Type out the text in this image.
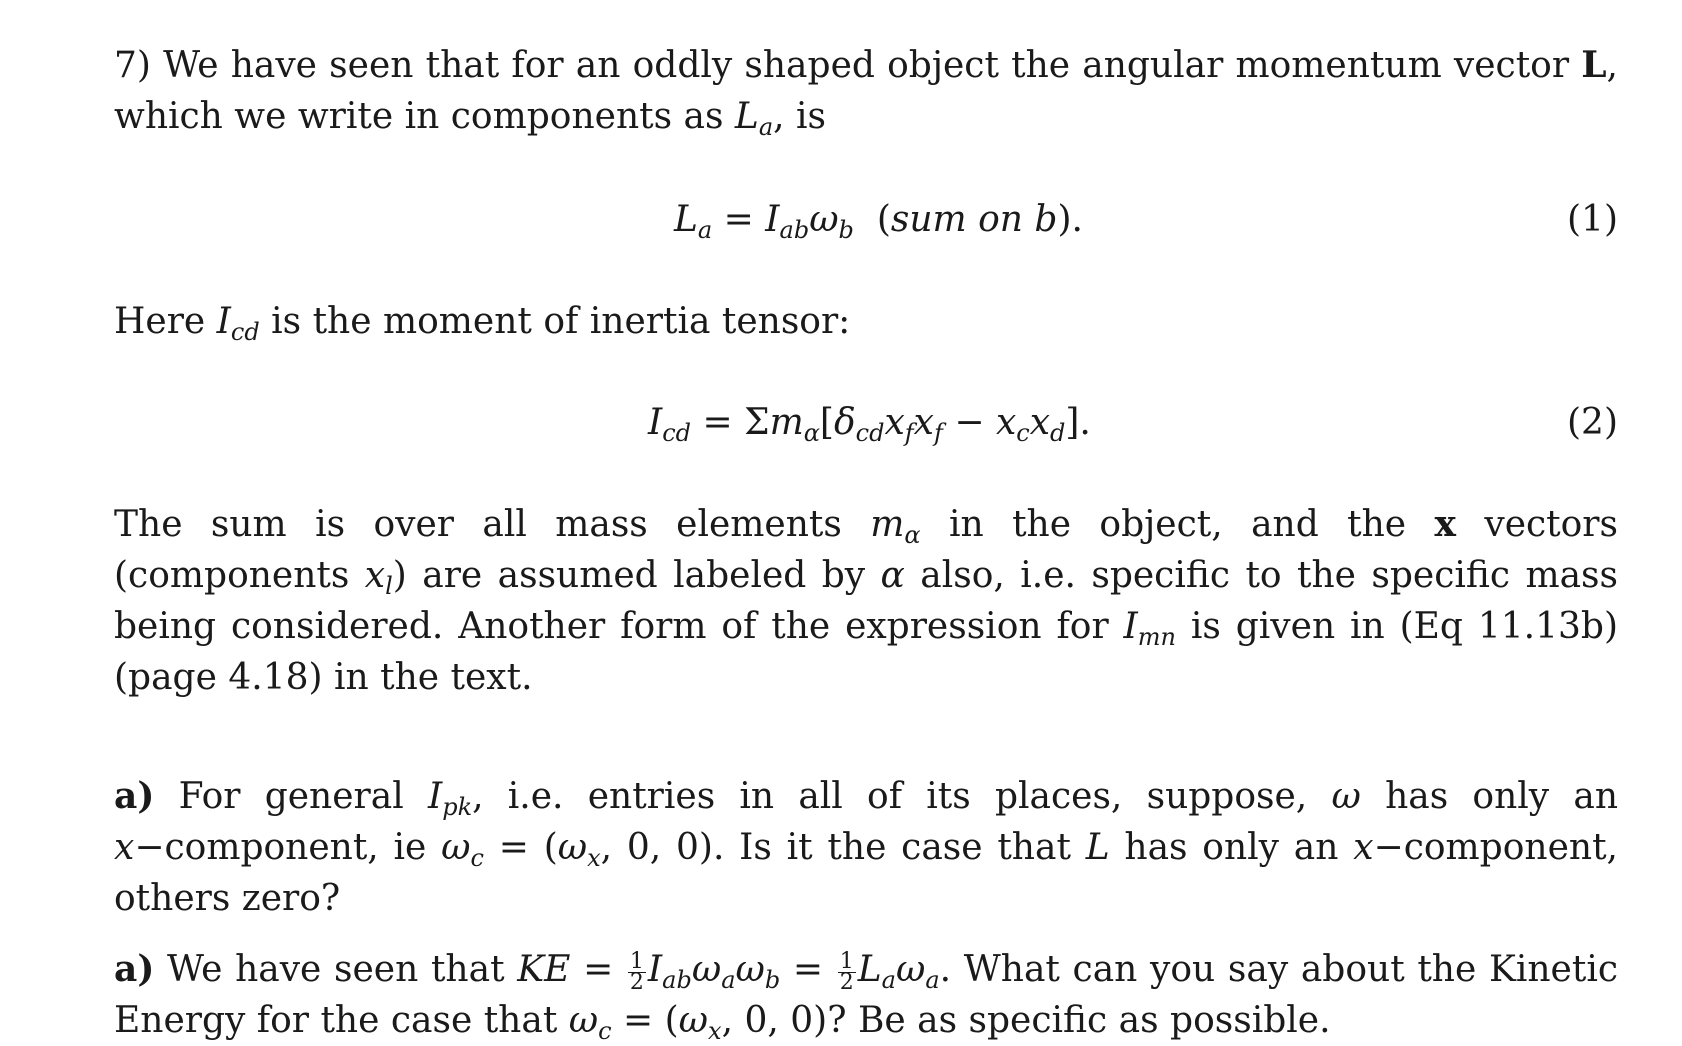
7) We have seen that for an oddly shaped object the angular momentum vector L, which we write in components as $L_a$, is

$L_a = I_{ab}\omega_b$ (sum on b).	(1)

Here $I_{cd}$ is the moment of inertia tensor:

$I_{cd} = \Sigma m_\alpha[\delta_{cd}x_fx_f - x_cx_d]$.	(2)

The sum is over all mass elements $m_\alpha$ in the object, and the x vectors (components $x_l$) are assumed labeled by α also, i.e. specific to the specific mass being considered. Another form of the expression for $I_{mn}$ is given in (Eq 11.13b) (page 4.18) in the text.

a) For general $I_{pk}$, i.e. entries in all of its places, suppose, ω has only an x−component, ie $\omega_c = (\omega_x$, 0, 0). Is it the case that L has only an x−component, others zero?

a) We have seen that KE = $\frac{1}{2} I_{ab}\omega_a\omega_b = \frac{1}{2} L_a\omega_a$. What can you say about the Kinetic Energy for the case that $\omega_c = (\omega_x$, 0, 0)? Be as specific as possible.
